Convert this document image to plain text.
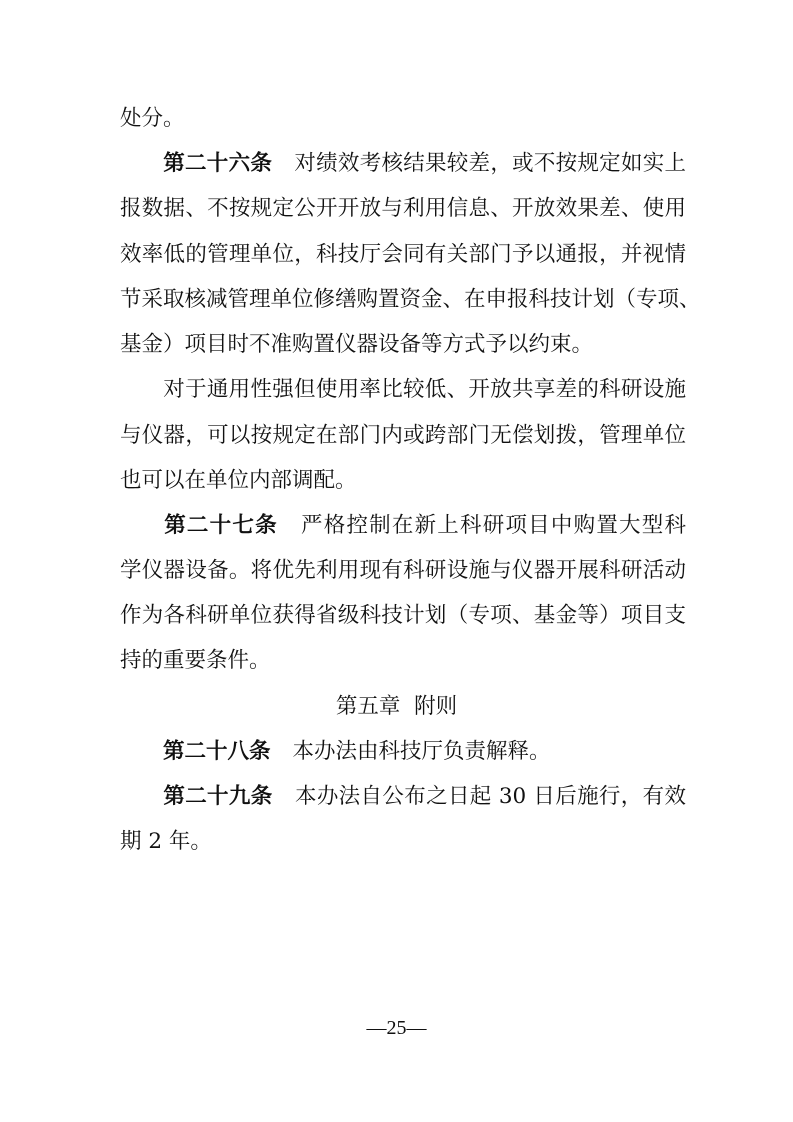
处分。
第二十六条 对绩效考核结果较差，或不按规定如实上
报数据、不按规定公开开放与利用信息、开放效果差、使用
效率低的管理单位，科技厅会同有关部门予以通报，并视情
节采取核减管理单位修缮购置资金、在申报科技计划（专项、
基金）项目时不准购置仪器设备等方式予以约束。
对于通用性强但使用率比较低、开放共享差的科研设施
与仪器，可以按规定在部门内或跨部门无偿划拨，管理单位
也可以在单位内部调配。
第二十七条 严格控制在新上科研项目中购置大型科
学仪器设备。将优先利用现有科研设施与仪器开展科研活动
作为各科研单位获得省级科技计划（专项、基金等）项目支
持的重要条件。
第五章  附则
第二十八条 本办法由科技厅负责解释。
第二十九条 本办法自公布之日起 30 日后施行，有效
期 2 年。
—25—
